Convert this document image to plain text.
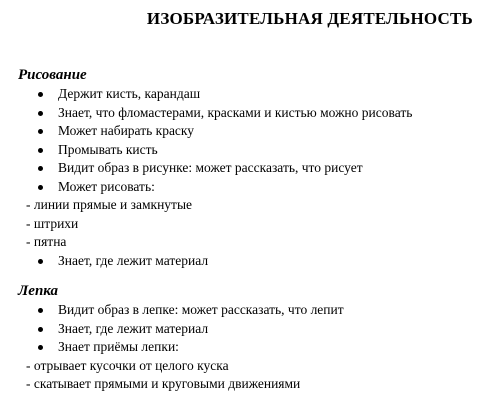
ИЗОБРАЗИТЕЛЬНАЯ ДЕЯТЕЛЬНОСТЬ
Рисование
Держит кисть, карандаш
Знает, что фломастерами, красками и кистью можно рисовать
Может набирать краску
Промывать кисть
Видит образ в рисунке: может рассказать, что рисует
Может рисовать:
- линии прямые и замкнутые
- штрихи
- пятна
Знает, где лежит материал
Лепка
Видит образ в лепке: может рассказать, что лепит
Знает, где лежит материал
Знает приёмы лепки:
- отрывает кусочки от целого куска
- скатывает прямыми и круговыми движениями
